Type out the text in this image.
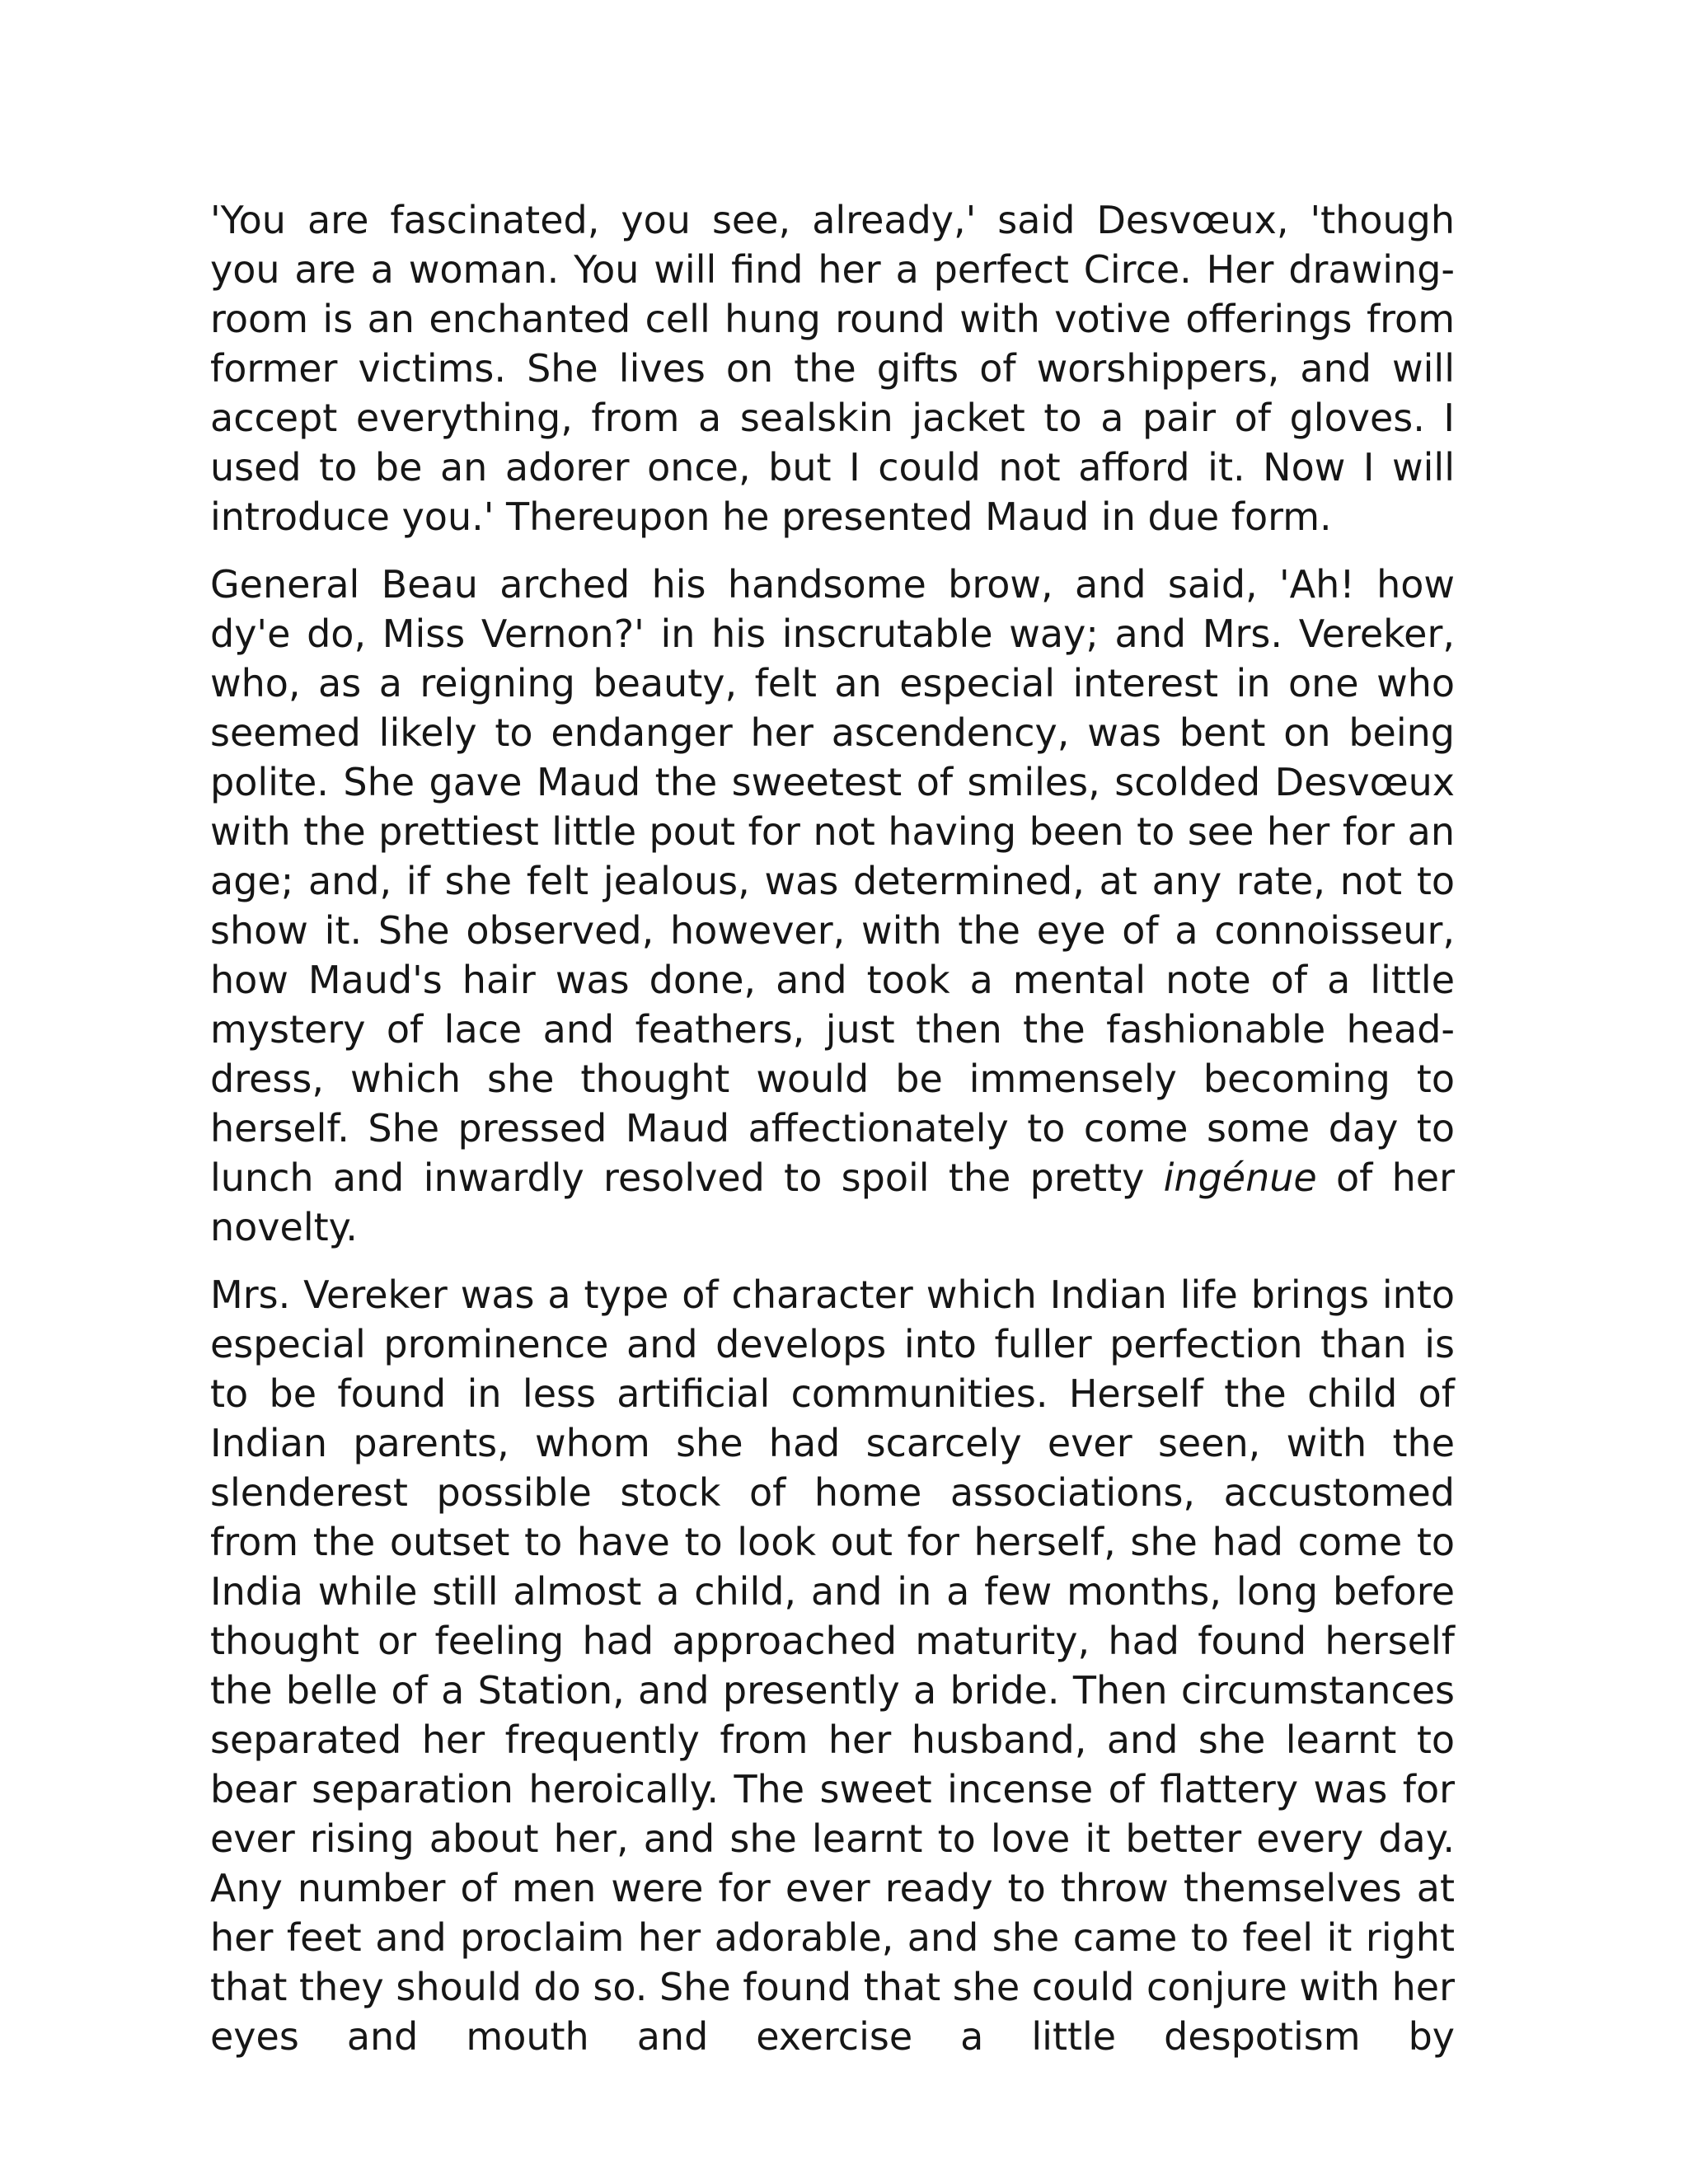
'You are fascinated, you see, already,' said Desvœux, 'though you are a woman. You will find her a perfect Circe. Her drawing-room is an enchanted cell hung round with votive offerings from former victims. She lives on the gifts of worshippers, and will accept everything, from a sealskin jacket to a pair of gloves. I used to be an adorer once, but I could not afford it. Now I will introduce you.' Thereupon he presented Maud in due form.

General Beau arched his handsome brow, and said, 'Ah! how dy'e do, Miss Vernon?' in his inscrutable way; and Mrs. Vereker, who, as a reigning beauty, felt an especial interest in one who seemed likely to endanger her ascendency, was bent on being polite. She gave Maud the sweetest of smiles, scolded Desvœux with the prettiest little pout for not having been to see her for an age; and, if she felt jealous, was determined, at any rate, not to show it. She observed, however, with the eye of a connoisseur, how Maud's hair was done, and took a mental note of a little mystery of lace and feathers, just then the fashionable head-dress, which she thought would be immensely becoming to herself. She pressed Maud affectionately to come some day to lunch and inwardly resolved to spoil the pretty ingénue of her novelty.

Mrs. Vereker was a type of character which Indian life brings into especial prominence and develops into fuller perfection than is to be found in less artificial communities. Herself the child of Indian parents, whom she had scarcely ever seen, with the slenderest possible stock of home associations, accustomed from the outset to have to look out for herself, she had come to India while still almost a child, and in a few months, long before thought or feeling had approached maturity, had found herself the belle of a Station, and presently a bride. Then circumstances separated her frequently from her husband, and she learnt to bear separation heroically. The sweet incense of flattery was for ever rising about her, and she learnt to love it better every day. Any number of men were for ever ready to throw themselves at her feet and proclaim her adorable, and she came to feel it right that they should do so. She found that she could conjure with her eyes and mouth and exercise a little despotism by
